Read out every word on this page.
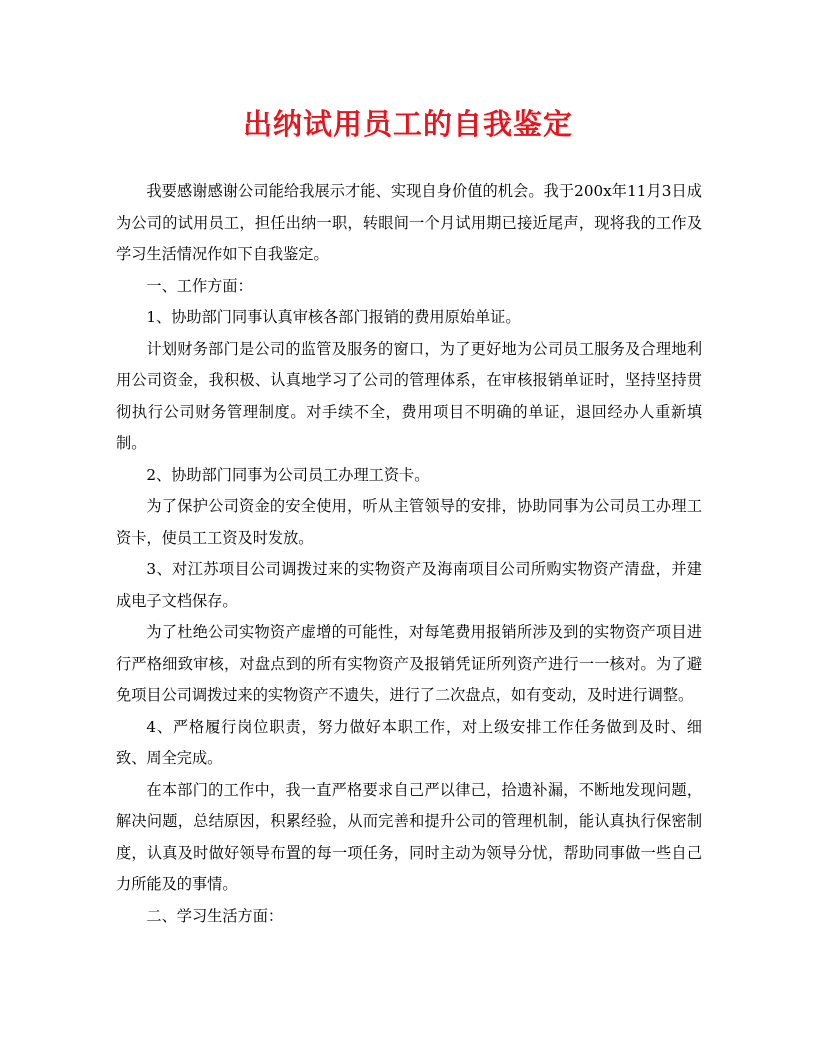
出纳试用员工的自我鉴定

我要感谢感谢公司能给我展示才能、实现自身价值的机会。我于200x年11月3日成为公司的试用员工，担任出纳一职，转眼间一个月试用期已接近尾声，现将我的工作及学习生活情况作如下自我鉴定。

一、工作方面：

1、协助部门同事认真审核各部门报销的费用原始单证。

计划财务部门是公司的监管及服务的窗口，为了更好地为公司员工服务及合理地利用公司资金，我积极、认真地学习了公司的管理体系，在审核报销单证时，坚持坚持贯彻执行公司财务管理制度。对手续不全，费用项目不明确的单证，退回经办人重新填制。

2、协助部门同事为公司员工办理工资卡。

为了保护公司资金的安全使用，听从主管领导的安排，协助同事为公司员工办理工资卡，使员工工资及时发放。

3、对江苏项目公司调拨过来的实物资产及海南项目公司所购实物资产清盘，并建成电子文档保存。

为了杜绝公司实物资产虚增的可能性，对每笔费用报销所涉及到的实物资产项目进行严格细致审核，对盘点到的所有实物资产及报销凭证所列资产进行一一核对。为了避免项目公司调拨过来的实物资产不遗失，进行了二次盘点，如有变动，及时进行调整。

4、严格履行岗位职责，努力做好本职工作，对上级安排工作任务做到及时、细致、周全完成。

在本部门的工作中，我一直严格要求自己严以律己，拾遗补漏，不断地发现问题，解决问题，总结原因，积累经验，从而完善和提升公司的管理机制，能认真执行保密制度，认真及时做好领导布置的每一项任务，同时主动为领导分忧，帮助同事做一些自己力所能及的事情。

二、学习生活方面：
